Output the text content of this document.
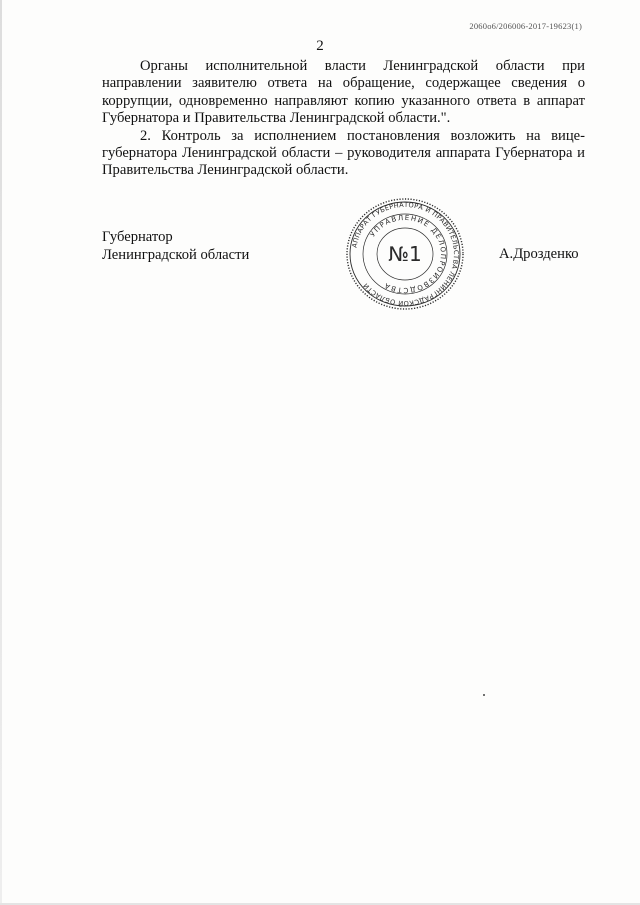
2060o6/206006-2017-19623(1)
2

Органы исполнительной власти Ленинградской области при направлении заявителю ответа на обращение, содержащее сведения о коррупции, одновременно направляют копию указанного ответа в аппарат Губернатора и Правительства Ленинградской области.".

2. Контроль за исполнением постановления возложить на вице-губернатора Ленинградской области – руководителя аппарата Губернатора и Правительства Ленинградской области.

Губернатор
Ленинградской области
АППАРАТ ГУБЕРНАТОРА И ПРАВИТЕЛЬСТВА ЛЕНИНГРАДСКОЙ ОБЛАСТИ
УПРАВЛЕНИЕ ДЕЛОПРОИЗВОДСТВА
№1	А.Дрозденко
